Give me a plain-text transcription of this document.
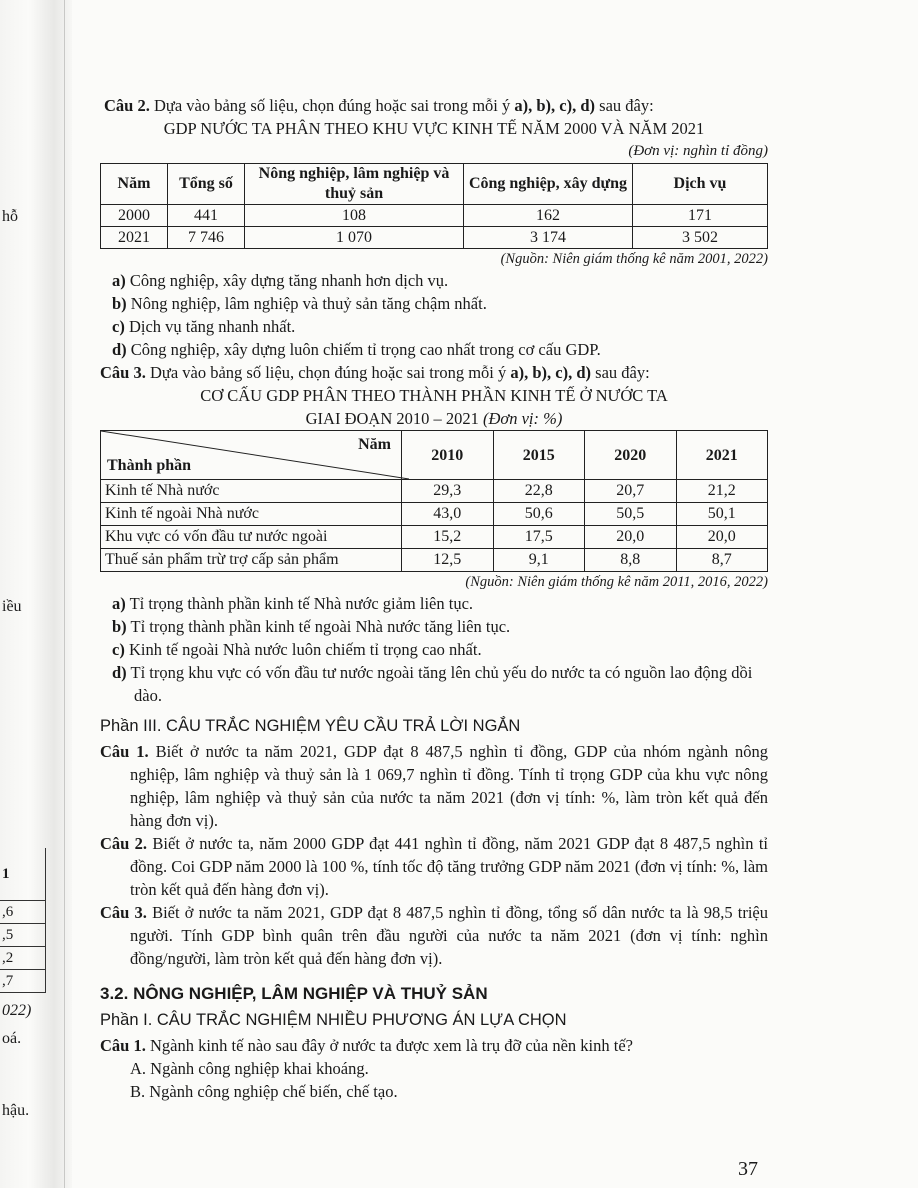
hỗ
iều
1
,6
,5
,2
,7
022)
oá.
hậu.

Câu 2. Dựa vào bảng số liệu, chọn đúng hoặc sai trong mỗi ý a), b), c), d) sau đây:

GDP NƯỚC TA PHÂN THEO KHU VỰC KINH TẾ NĂM 2000 VÀ NĂM 2021
(Đơn vị: nghìn tỉ đồng)
Năm	Tổng số	Nông nghiệp, lâm nghiệp và thuỷ sản	Công nghiệp, xây dựng	Dịch vụ
2000	441	108	162	171
2021	7 746	1 070	3 174	3 502
(Nguồn: Niên giám thống kê năm 2001, 2022)

a) Công nghiệp, xây dựng tăng nhanh hơn dịch vụ.

b) Nông nghiệp, lâm nghiệp và thuỷ sản tăng chậm nhất.

c) Dịch vụ tăng nhanh nhất.

d) Công nghiệp, xây dựng luôn chiếm tỉ trọng cao nhất trong cơ cấu GDP.

Câu 3. Dựa vào bảng số liệu, chọn đúng hoặc sai trong mỗi ý a), b), c), d) sau đây:

CƠ CẤU GDP PHÂN THEO THÀNH PHẦN KINH TẾ Ở NƯỚC TA
GIAI ĐOẠN 2010 – 2021 (Đơn vị: %)
Năm
Thành phần	2010	2015	2020	2021
Kinh tế Nhà nước	29,3	22,8	20,7	21,2
Kinh tế ngoài Nhà nước	43,0	50,6	50,5	50,1
Khu vực có vốn đầu tư nước ngoài	15,2	17,5	20,0	20,0
Thuế sản phẩm trừ trợ cấp sản phẩm	12,5	9,1	8,8	8,7
(Nguồn: Niên giám thống kê năm 2011, 2016, 2022)

a) Tỉ trọng thành phần kinh tế Nhà nước giảm liên tục.

b) Tỉ trọng thành phần kinh tế ngoài Nhà nước tăng liên tục.

c) Kinh tế ngoài Nhà nước luôn chiếm tỉ trọng cao nhất.

d) Tỉ trọng khu vực có vốn đầu tư nước ngoài tăng lên chủ yếu do nước ta có nguồn lao động dồi dào.

Phần III. CÂU TRẮC NGHIỆM YÊU CẦU TRẢ LỜI NGẮN

Câu 1. Biết ở nước ta năm 2021, GDP đạt 8 487,5 nghìn tỉ đồng, GDP của nhóm ngành nông nghiệp, lâm nghiệp và thuỷ sản là 1 069,7 nghìn tỉ đồng. Tính tỉ trọng GDP của khu vực nông nghiệp, lâm nghiệp và thuỷ sản của nước ta năm 2021 (đơn vị tính: %, làm tròn kết quả đến hàng đơn vị).

Câu 2. Biết ở nước ta, năm 2000 GDP đạt 441 nghìn tỉ đồng, năm 2021 GDP đạt 8 487,5 nghìn tỉ đồng. Coi GDP năm 2000 là 100 %, tính tốc độ tăng trưởng GDP năm 2021 (đơn vị tính: %, làm tròn kết quả đến hàng đơn vị).

Câu 3. Biết ở nước ta năm 2021, GDP đạt 8 487,5 nghìn tỉ đồng, tổng số dân nước ta là 98,5 triệu người. Tính GDP bình quân trên đầu người của nước ta năm 2021 (đơn vị tính: nghìn đồng/người, làm tròn kết quả đến hàng đơn vị).

3.2. NÔNG NGHIỆP, LÂM NGHIỆP VÀ THUỶ SẢN
Phần I. CÂU TRẮC NGHIỆM NHIỀU PHƯƠNG ÁN LỰA CHỌN

Câu 1. Ngành kinh tế nào sau đây ở nước ta được xem là trụ đỡ của nền kinh tế?

A. Ngành công nghiệp khai khoáng.

B. Ngành công nghiệp chế biến, chế tạo.

37
